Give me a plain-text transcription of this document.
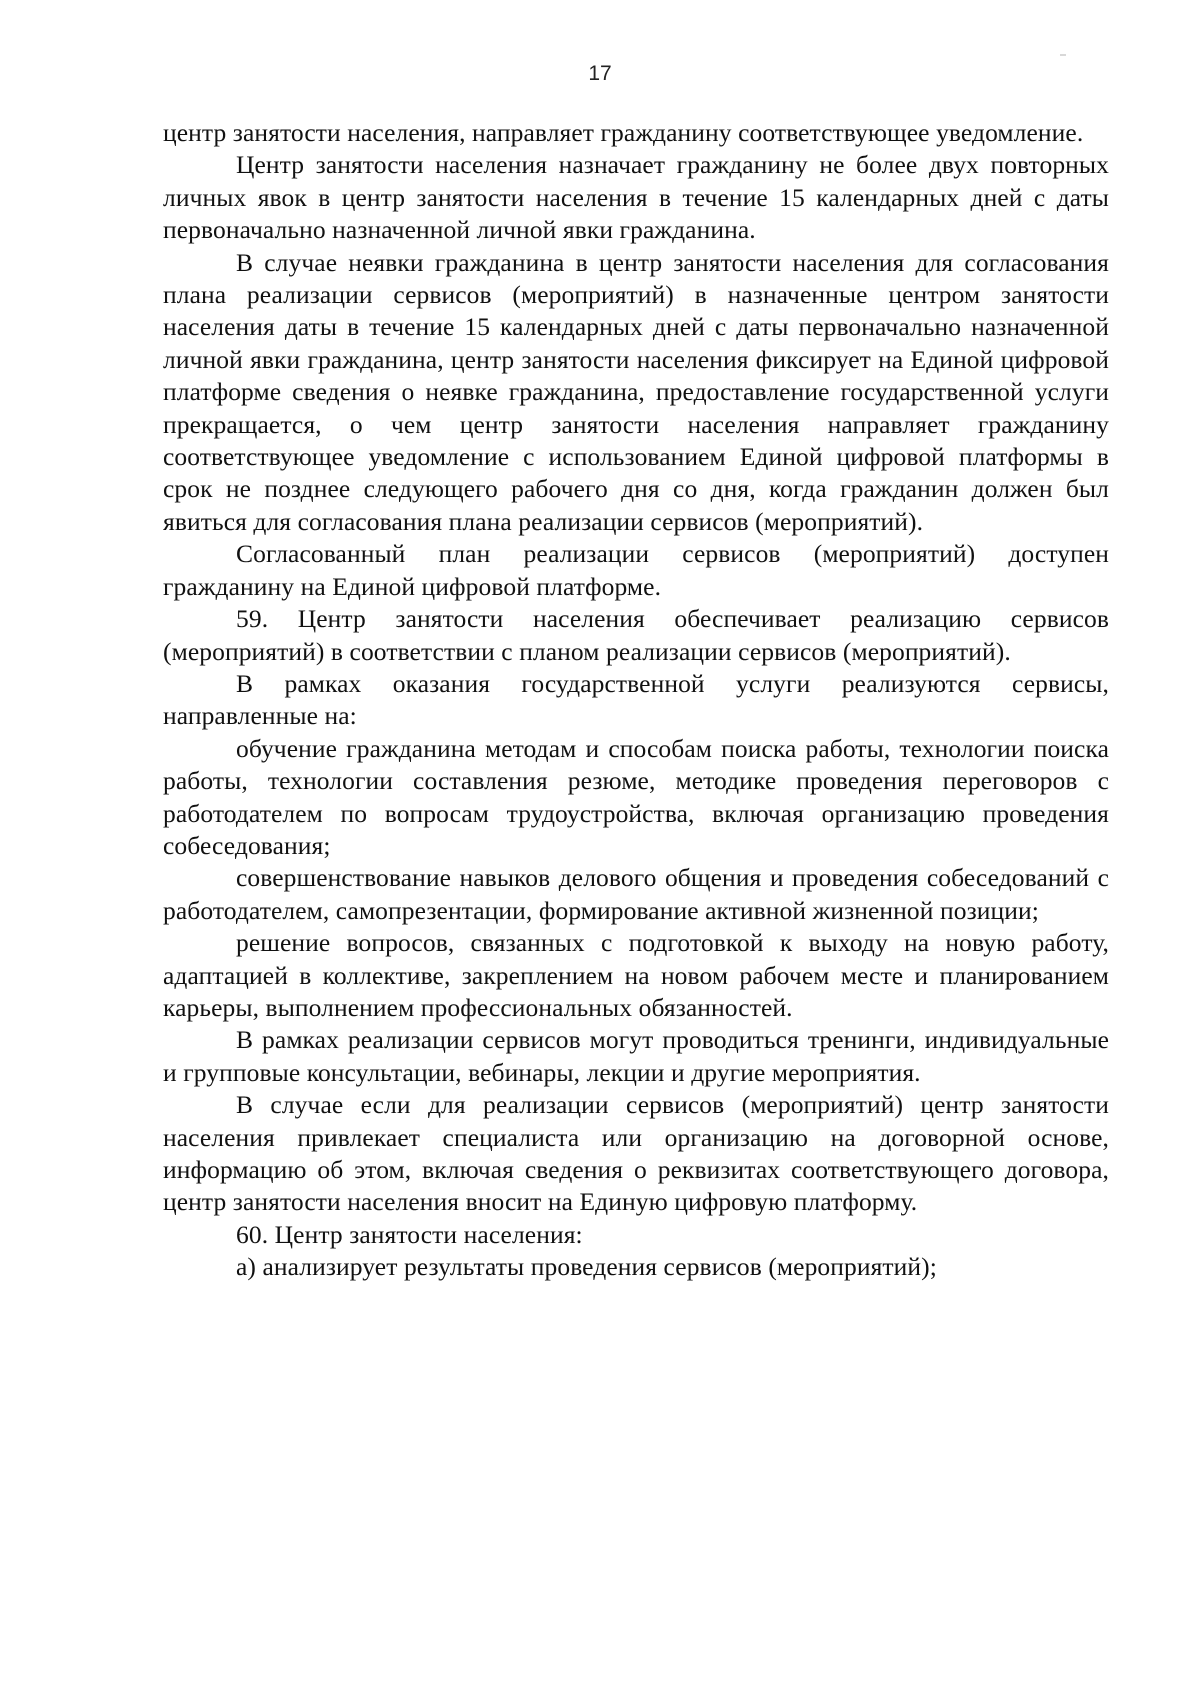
17

центр занятости населения, направляет гражданину соответствующее уведомление.

Центр занятости населения назначает гражданину не более двух повторных личных явок в центр занятости населения в течение 15 календарных дней с даты первоначально назначенной личной явки гражданина.

В случае неявки гражданина в центр занятости населения для согласования плана реализации сервисов (мероприятий) в назначенные центром занятости населения даты в течение 15 календарных дней с даты первоначально назначенной личной явки гражданина, центр занятости населения фиксирует на Единой цифровой платформе сведения о неявке гражданина, предоставление государственной услуги прекращается, о чем центр занятости населения направляет гражданину соответствующее уведомление с использованием Единой цифровой платформы в срок не позднее следующего рабочего дня со дня, когда гражданин должен был явиться для согласования плана реализации сервисов (мероприятий).

Согласованный план реализации сервисов (мероприятий) доступен гражданину на Единой цифровой платформе.

59. Центр занятости населения обеспечивает реализацию сервисов (мероприятий) в соответствии с планом реализации сервисов (мероприятий).

В рамках оказания государственной услуги реализуются сервисы, направленные на:

обучение гражданина методам и способам поиска работы, технологии поиска работы, технологии составления резюме, методике проведения переговоров с работодателем по вопросам трудоустройства, включая организацию проведения собеседования;

совершенствование навыков делового общения и проведения собеседований с работодателем, самопрезентации, формирование активной жизненной позиции;

решение вопросов, связанных с подготовкой к выходу на новую работу, адаптацией в коллективе, закреплением на новом рабочем месте и планированием карьеры, выполнением профессиональных обязанностей.

В рамках реализации сервисов могут проводиться тренинги, индивидуальные и групповые консультации, вебинары, лекции и другие мероприятия.

В случае если для реализации сервисов (мероприятий) центр занятости населения привлекает специалиста или организацию на договорной основе, информацию об этом, включая сведения о реквизитах соответствующего договора, центр занятости населения вносит на Единую цифровую платформу.

60. Центр занятости населения:

а) анализирует результаты проведения сервисов (мероприятий);
